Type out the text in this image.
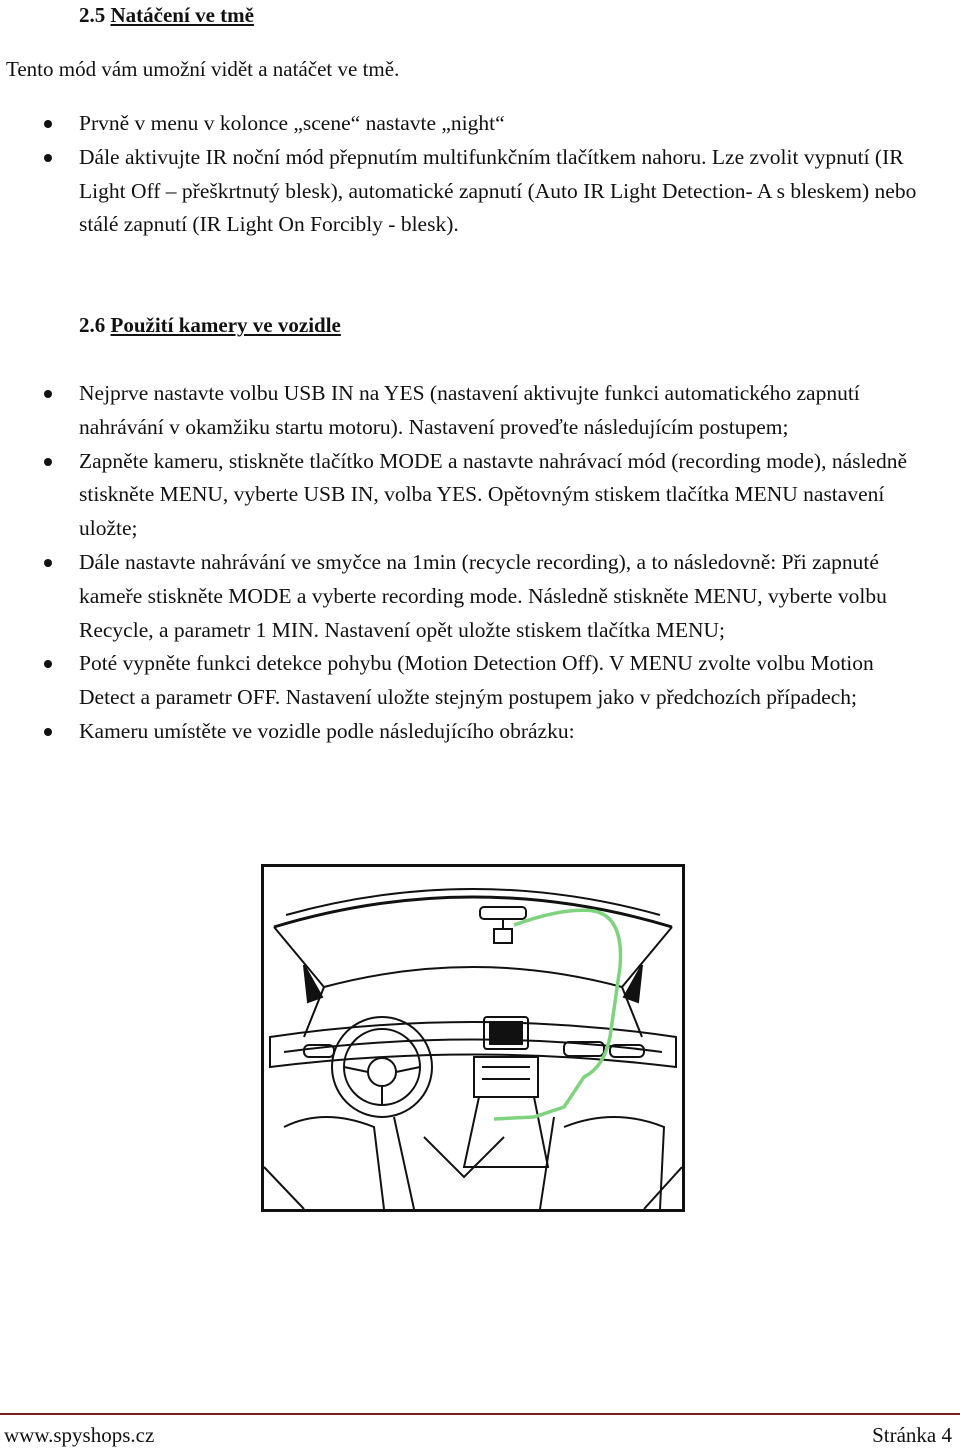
2.5 Natáčení ve tmě
Tento mód vám umožní vidět a natáčet ve tmě.
Prvně v menu v kolonce „scene“ nastavte „night“
Dále aktivujte IR noční mód přepnutím multifunkčním tlačítkem nahoru. Lze zvolit vypnutí (IR Light Off – přeškrtnutý blesk), automatické zapnutí (Auto IR Light Detection- A s bleskem) nebo stálé zapnutí (IR Light On Forcibly - blesk).
2.6 Použití kamery ve vozidle
Nejprve nastavte volbu USB IN na YES (nastavení aktivujte funkci automatického zapnutí nahrávání v okamžiku startu motoru). Nastavení proveďte následujícím postupem;
Zapněte kameru, stiskněte tlačítko MODE a nastavte nahrávací mód (recording mode), následně stiskněte MENU, vyberte USB IN, volba YES. Opětovným stiskem tlačítka MENU nastavení uložte;
Dále nastavte nahrávání ve smyčce na 1min (recycle recording), a to následovně: Při zapnuté kameře stiskněte MODE a vyberte recording mode. Následně stiskněte MENU, vyberte volbu Recycle, a parametr 1 MIN. Nastavení opět uložte stiskem tlačítka MENU;
Poté vypněte funkci detekce pohybu (Motion Detection Off). V MENU zvolte volbu Motion Detect a parametr OFF. Nastavení uložte stejným postupem jako v předchozích případech;
Kameru umístěte ve vozidle podle následujícího obrázku:
www.spyshops.cz	Stránka 4
